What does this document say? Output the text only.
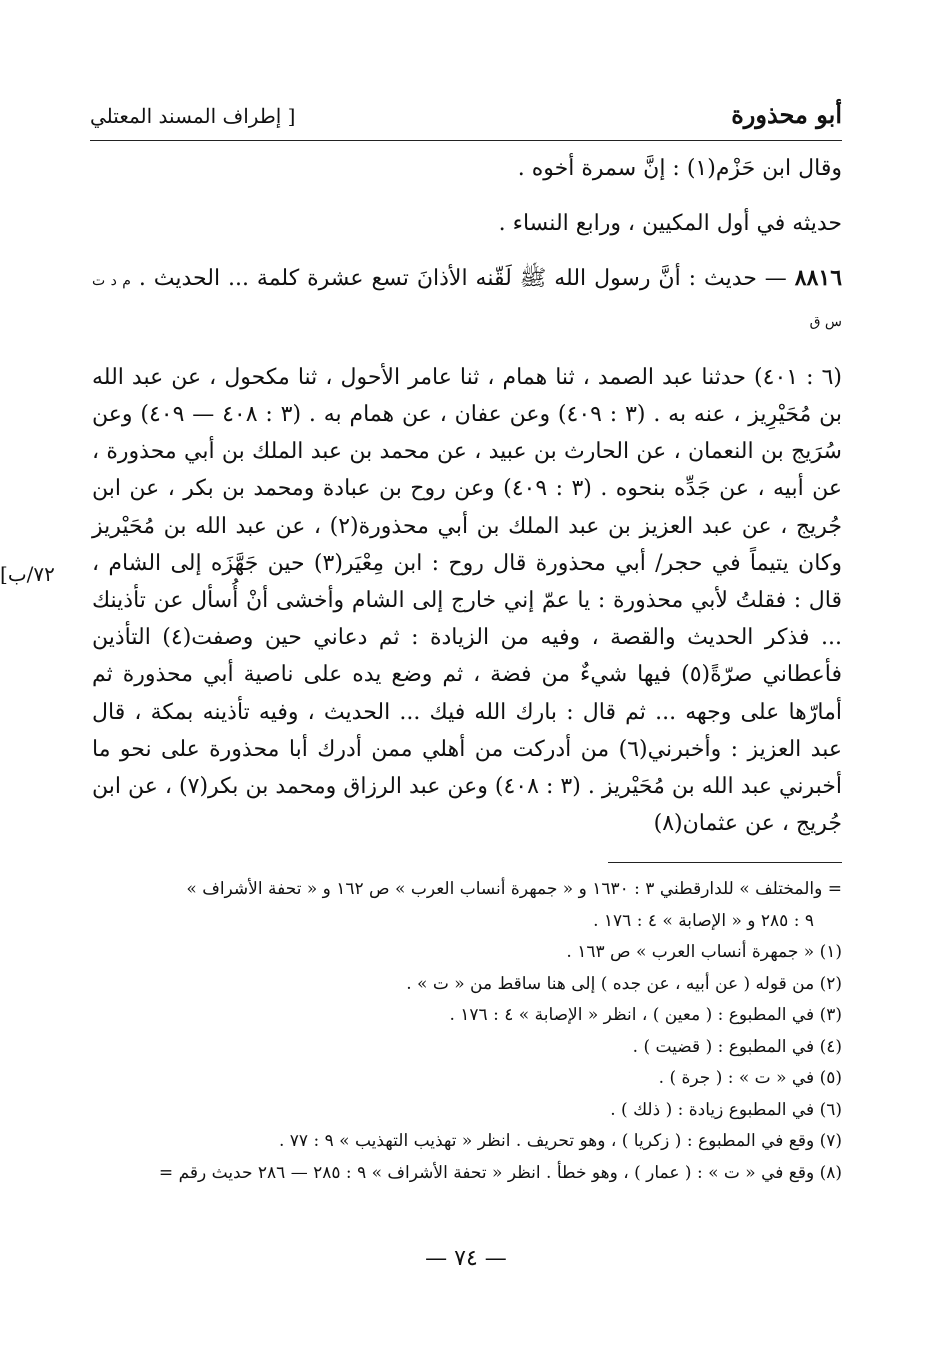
أبو محذورة
[ إطراف المسند المعتلي
[٧٢/ب

وقال ابن حَزْم(١) : إنَّ سمرة أخوه .

حديثه في أول المكيين ، ورابع النساء .

٨٨١٦ — حديث : أنَّ رسول الله ﷺ لَقّنه الأذانَ تسع عشرة كلمة ... الحديث . م د ت س ق

(٦ : ٤٠١) حدثنا عبد الصمد ، ثنا همام ، ثنا عامر الأحول ، ثنا مكحول ، عن عبد الله بن مُحَيْرِيز ، عنه به . (٣ : ٤٠٩) وعن عفان ، عن همام به . (٣ : ٤٠٨ — ٤٠٩) وعن سُرَيج بن النعمان ، عن الحارث بن عبيد ، عن محمد بن عبد الملك بن أبي محذورة ، عن أبيه ، عن جَدِّه بنحوه . (٣ : ٤٠٩) وعن روح بن عبادة ومحمد بن بكر ، عن ابن جُريج ، عن عبد العزيز بن عبد الملك بن أبي محذورة(٢) ، عن عبد الله بن مُحَيْريز وكان يتيماً في حجر/ أبي محذورة قال روح : ابن مِعْيَر(٣) حين جَهَّزَه إلى الشام ، قال : فقلتُ لأبي محذورة : يا عمّ إني خارج إلى الشام وأخشى أنْ أُسأل عن تأذينك ... فذكر الحديث والقصة ، وفيه من الزيادة : ثم دعاني حين وصفت(٤) التأذين فأعطاني صرّةً(٥) فيها شيءٌ من فضة ، ثم وضع يده على ناصية أبي محذورة ثم أمارّها على وجهه ... ثم قال : بارك الله فيك ... الحديث ، وفيه تأذينه بمكة ، قال عبد العزيز : وأخبرني(٦) من أدركت من أهلي ممن أدرك أبا محذورة على نحو ما أخبرني عبد الله بن مُحَيْريز . (٣ : ٤٠٨) وعن عبد الرزاق ومحمد بن بكر(٧) ، عن ابن جُريج ، عن عثمان(٨)

= والمختلف » للدارقطني ٣ : ١٦٣٠ و « جمهرة أنساب العرب » ص ١٦٢ و « تحفة الأشراف »

٩ : ٢٨٥ و « الإصابة » ٤ : ١٧٦ .

(١) « جمهرة أنساب العرب » ص ١٦٣ .

(٢) من قوله ( عن أبيه ، عن جده ) إلى هنا ساقط من « ت » .

(٣) في المطبوع : ( معين ) ، انظر « الإصابة » ٤ : ١٧٦ .

(٤) في المطبوع : ( قضيت ) .

(٥) في « ت » : ( جرة ) .

(٦) في المطبوع زيادة : ( ذلك ) .

(٧) وقع في المطبوع : ( زكريا ) ، وهو تحريف . انظر « تهذيب التهذيب » ٩ : ٧٧ .

(٨) وقع في « ت » : ( عمار ) ، وهو خطأ . انظر « تحفة الأشراف » ٩ : ٢٨٥ — ٢٨٦ حديث رقم =

— ٧٤ —
